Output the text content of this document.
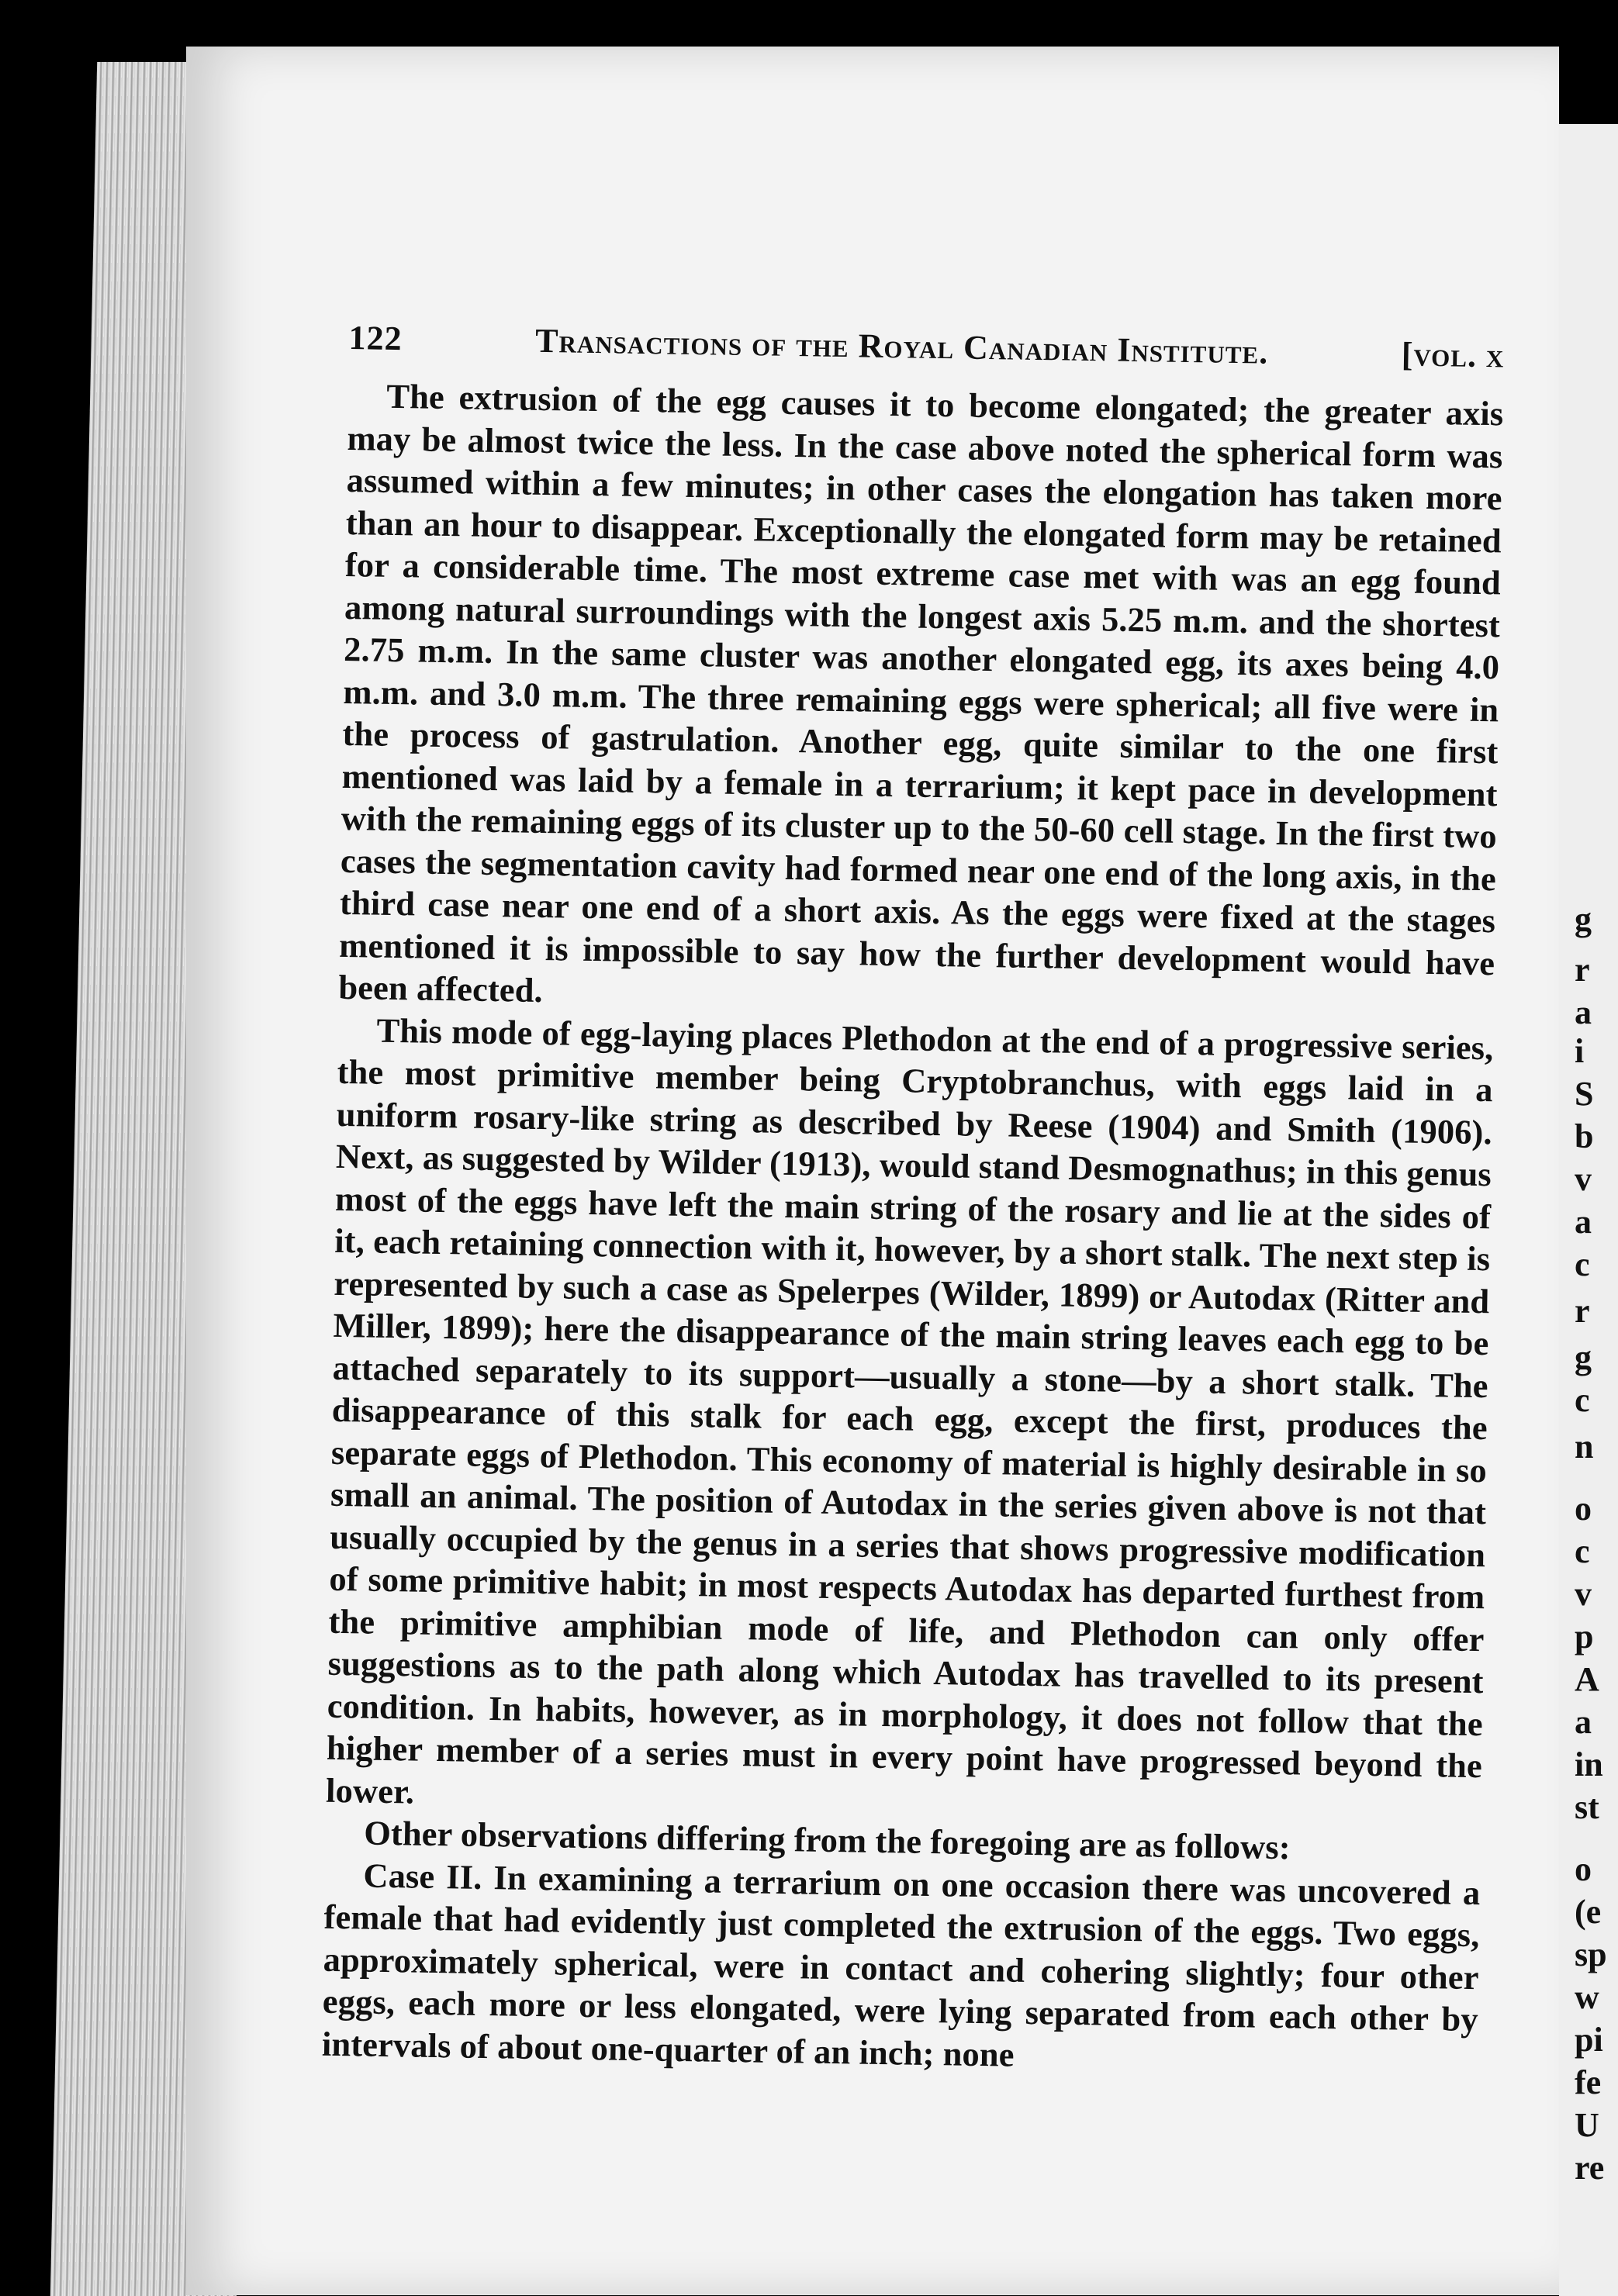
122	Transactions of the Royal Canadian Institute.	[vol. x

The extrusion of the egg causes it to become elongated; the greater axis may be almost twice the less. In the case above noted the spherical form was assumed within a few minutes; in other cases the elongation has taken more than an hour to disappear. Exceptionally the elongated form may be retained for a considerable time. The most extreme case met with was an egg found among natural surroundings with the longest axis 5.25 m.m. and the shortest 2.75 m.m. In the same cluster was another elongated egg, its axes being 4.0 m.m. and 3.0 m.m. The three remaining eggs were spherical; all five were in the process of gastrulation. Another egg, quite similar to the one first mentioned was laid by a female in a terrarium; it kept pace in development with the remaining eggs of its cluster up to the 50-60 cell stage. In the first two cases the segmentation cavity had formed near one end of the long axis, in the third case near one end of a short axis. As the eggs were fixed at the stages mentioned it is impossible to say how the further development would have been affected.

This mode of egg-laying places Plethodon at the end of a progressive series, the most primitive member being Cryptobranchus, with eggs laid in a uniform rosary-like string as described by Reese (1904) and Smith (1906). Next, as suggested by Wilder (1913), would stand Desmognathus; in this genus most of the eggs have left the main string of the rosary and lie at the sides of it, each retaining connection with it, however, by a short stalk. The next step is represented by such a case as Spelerpes (Wilder, 1899) or Autodax (Ritter and Miller, 1899); here the disappearance of the main string leaves each egg to be attached separately to its support—usually a stone—by a short stalk. The disappearance of this stalk for each egg, except the first, produces the separate eggs of Plethodon. This economy of material is highly desirable in so small an animal. The position of Autodax in the series given above is not that usually occupied by the genus in a series that shows progressive modification of some primitive habit; in most respects Autodax has departed furthest from the primitive amphibian mode of life, and Plethodon can only offer suggestions as to the path along which Autodax has travelled to its present condition. In habits, however, as in morphology, it does not follow that the higher member of a series must in every point have progressed beyond the lower.

Other observations differing from the foregoing are as follows:

Case II. In examining a terrarium on one occasion there was uncovered a female that had evidently just completed the extrusion of the eggs. Two eggs, approximately spherical, were in contact and cohering slightly; four other eggs, each more or less elongated, were lying separated from each other by intervals of about one-quarter of an inch; none

g
r
a
i
S
b
v
a
c
r
g
c
n
o
c
v
p
A
a
in
st
o
(e
sp
w
pi
fe
U
re
